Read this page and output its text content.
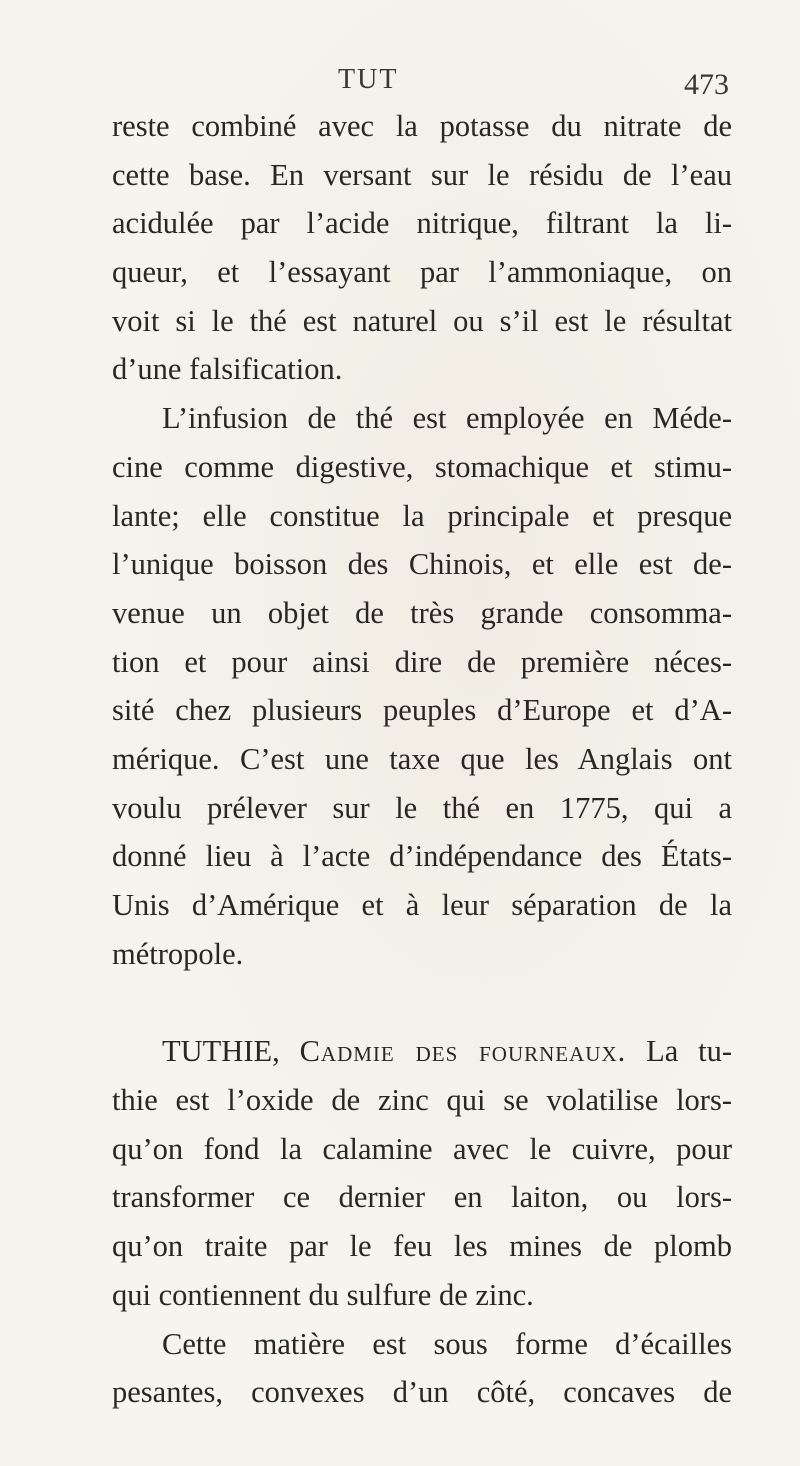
TUT	473
reste combiné avec la potasse du nitrate de
cette base. En versant sur le résidu de l’eau
acidulée par l’acide nitrique, filtrant la li-
queur, et l’essayant par l’ammoniaque, on
voit si le thé est naturel ou s’il est le résultat
d’une falsification.
L’infusion de thé est employée en Méde-
cine comme digestive, stomachique et stimu-
lante; elle constitue la principale et presque
l’unique boisson des Chinois, et elle est de-
venue un objet de très grande consomma-
tion et pour ainsi dire de première néces-
sité chez plusieurs peuples d’Europe et d’A-
mérique. C’est une taxe que les Anglais ont
voulu prélever sur le thé en 1775, qui a
donné lieu à l’acte d’indépendance des États-
Unis d’Amérique et à leur séparation de la
métropole.
TUTHIE, Cadmie des fourneaux. La tu-
thie est l’oxide de zinc qui se volatilise lors-
qu’on fond la calamine avec le cuivre, pour
transformer ce dernier en laiton, ou lors-
qu’on traite par le feu les mines de plomb
qui contiennent du sulfure de zinc.
Cette matière est sous forme d’écailles
pesantes, convexes d’un côté, concaves de
